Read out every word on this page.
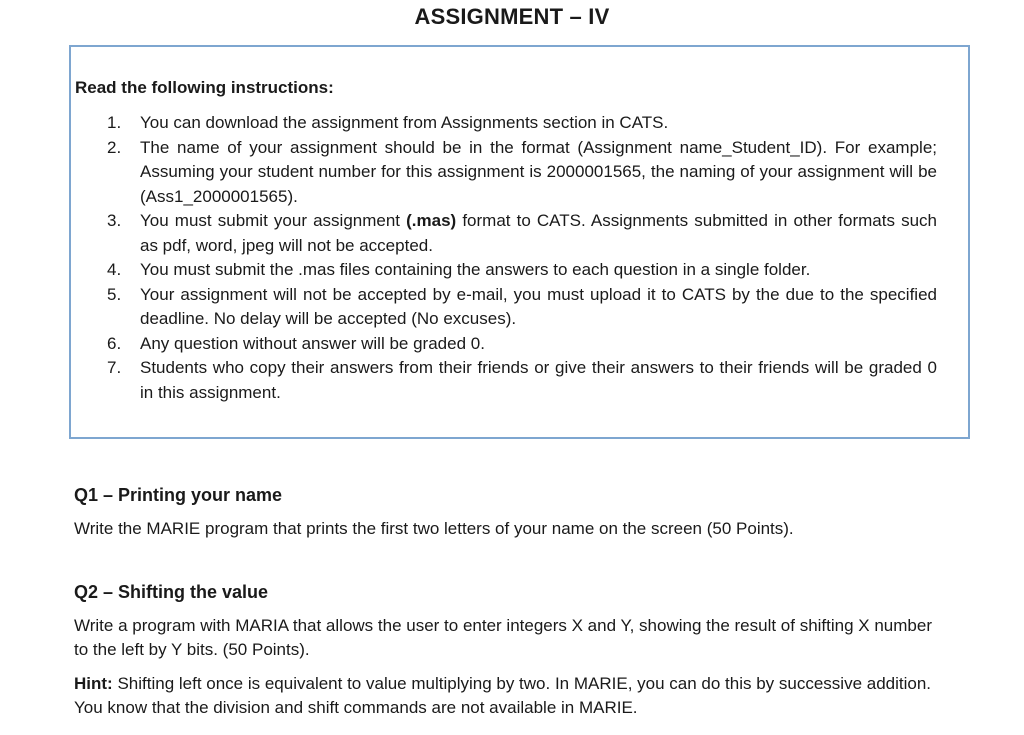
ASSIGNMENT – IV
Read the following instructions:
1. You can download the assignment from Assignments section in CATS.
2. The name of your assignment should be in the format (Assignment name_Student_ID). For example; Assuming your student number for this assignment is 2000001565, the naming of your assignment will be (Ass1_2000001565).
3. You must submit your assignment (.mas) format to CATS. Assignments submitted in other formats such as pdf, word, jpeg will not be accepted.
4. You must submit the .mas files containing the answers to each question in a single folder.
5. Your assignment will not be accepted by e-mail, you must upload it to CATS by the due to the specified deadline. No delay will be accepted (No excuses).
6. Any question without answer will be graded 0.
7. Students who copy their answers from their friends or give their answers to their friends will be graded 0 in this assignment.
Q1 – Printing your name
Write the MARIE program that prints the first two letters of your name on the screen (50 Points).
Q2 – Shifting the value
Write a program with MARIA that allows the user to enter integers X and Y, showing the result of shifting X number to the left by Y bits. (50 Points).
Hint: Shifting left once is equivalent to value multiplying by two. In MARIE, you can do this by successive addition. You know that the division and shift commands are not available in MARIE.
